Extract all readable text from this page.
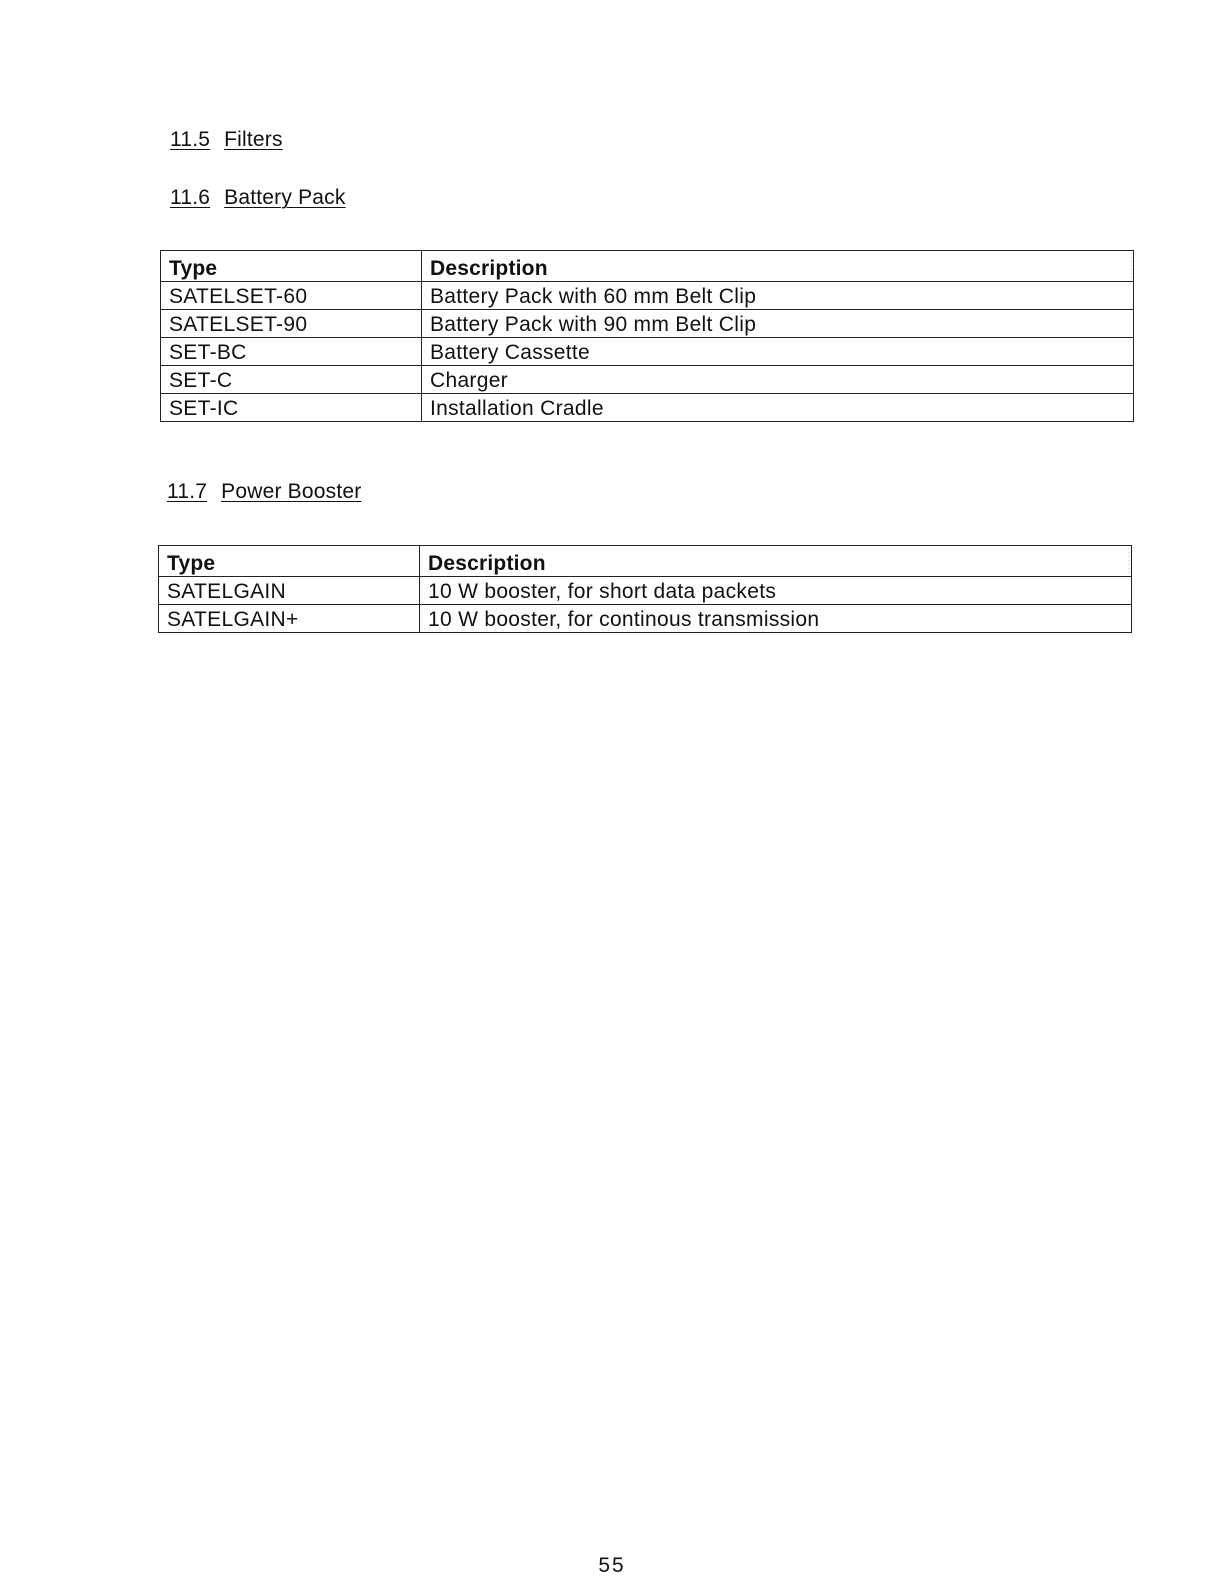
11.5 Filters
11.6 Battery Pack
Type	Description
SATELSET-60	Battery Pack with 60 mm Belt Clip
SATELSET-90	Battery Pack with 90 mm Belt Clip
SET-BC	Battery Cassette
SET-C	Charger
SET-IC	Installation Cradle
11.7 Power Booster
Type	Description
SATELGAIN	10 W booster, for short data packets
SATELGAIN+	10 W booster, for continous transmission
55
